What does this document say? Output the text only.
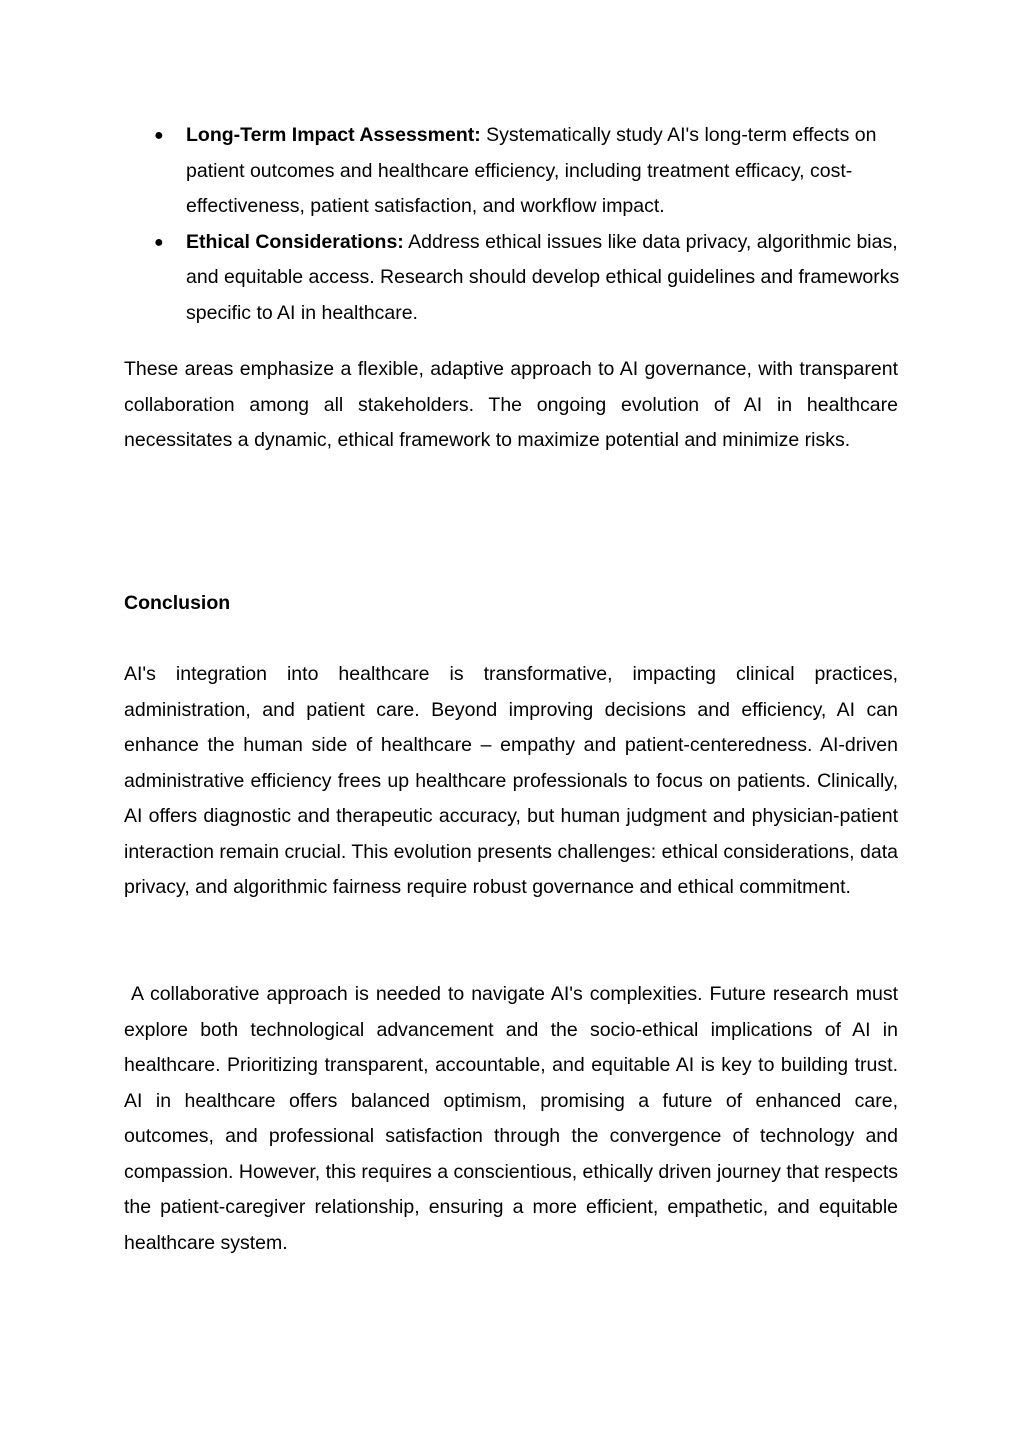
● Long-Term Impact Assessment: Systematically study AI's long-term effects on patient outcomes and healthcare efficiency, including treatment efficacy, cost-effectiveness, patient satisfaction, and workflow impact.
● Ethical Considerations: Address ethical issues like data privacy, algorithmic bias, and equitable access. Research should develop ethical guidelines and frameworks specific to AI in healthcare.

These areas emphasize a flexible, adaptive approach to AI governance, with transparent collaboration among all stakeholders. The ongoing evolution of AI in healthcare necessitates a dynamic, ethical framework to maximize potential and minimize risks.

Conclusion

AI's integration into healthcare is transformative, impacting clinical practices, administration, and patient care. Beyond improving decisions and efficiency, AI can enhance the human side of healthcare – empathy and patient-centeredness. AI-driven administrative efficiency frees up healthcare professionals to focus on patients. Clinically, AI offers diagnostic and therapeutic accuracy, but human judgment and physician-patient interaction remain crucial. This evolution presents challenges: ethical considerations, data privacy, and algorithmic fairness require robust governance and ethical commitment.

A collaborative approach is needed to navigate AI's complexities. Future research must explore both technological advancement and the socio-ethical implications of AI in healthcare. Prioritizing transparent, accountable, and equitable AI is key to building trust. AI in healthcare offers balanced optimism, promising a future of enhanced care, outcomes, and professional satisfaction through the convergence of technology and compassion. However, this requires a conscientious, ethically driven journey that respects the patient-caregiver relationship, ensuring a more efficient, empathetic, and equitable healthcare system.
